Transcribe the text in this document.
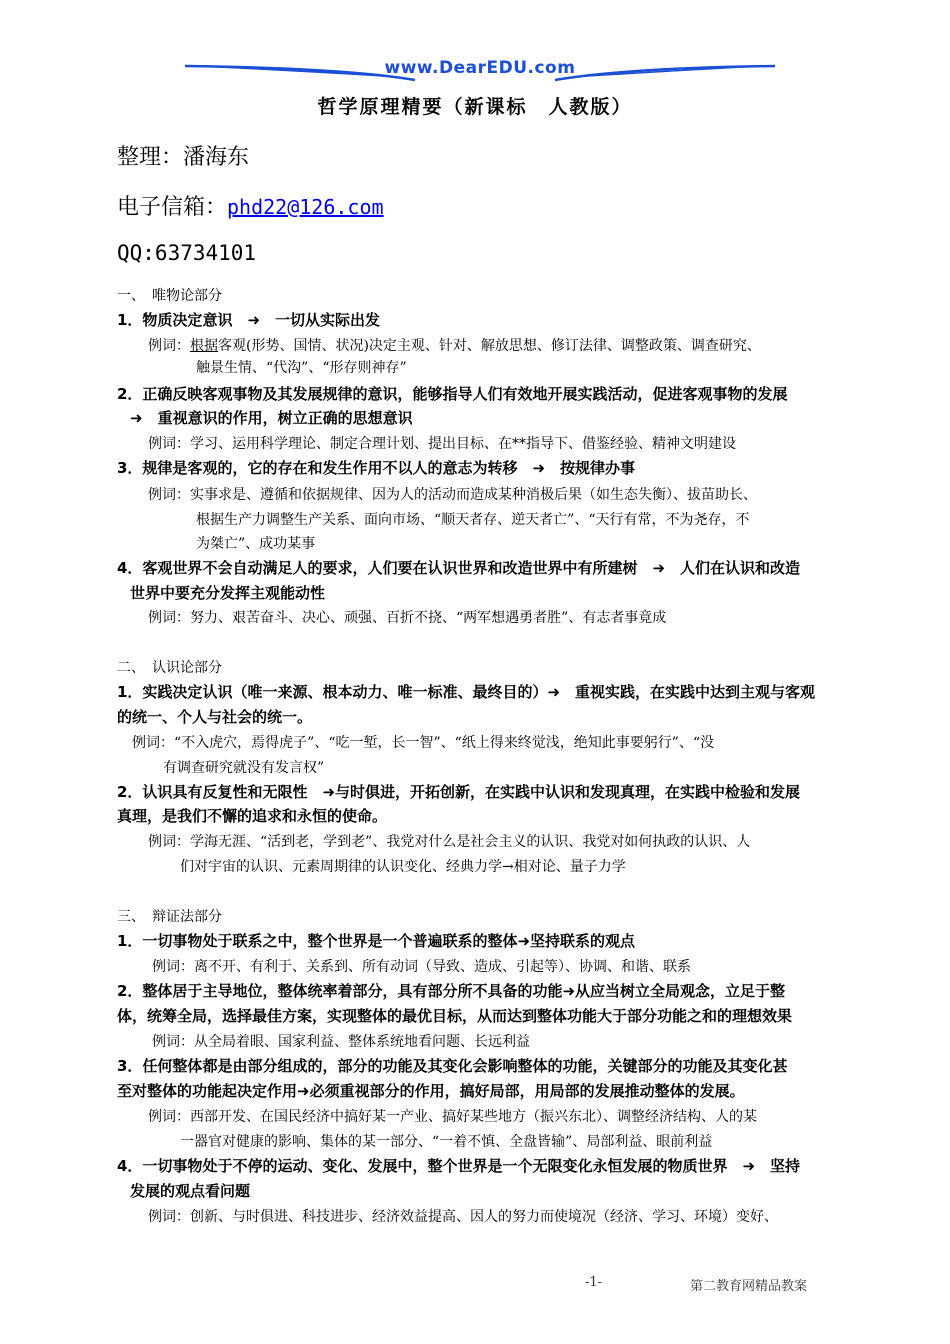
www.DearEDU.com
哲学原理精要（新课标　人教版）
整理：潘海东
电子信箱：phd22@126.com
QQ:63734101
一、　唯物论部分
1．物质决定意识　➜　一切从实际出发
例词：根据客观(形势、国情、状况)决定主观、针对、解放思想、修订法律、调整政策、调查研究、
触景生情、“代沟”、“形存则神存”
2．正确反映客观事物及其发展规律的意识，能够指导人们有效地开展实践活动，促进客观事物的发展
➜　重视意识的作用，树立正确的思想意识
例词：学习、运用科学理论、制定合理计划、提出目标、在**指导下、借鉴经验、精神文明建设
3．规律是客观的，它的存在和发生作用不以人的意志为转移　➜　按规律办事
例词：实事求是、遵循和依据规律、因为人的活动而造成某种消极后果（如生态失衡）、拔苗助长、
根据生产力调整生产关系、面向市场、“顺天者存、逆天者亡”、“天行有常，不为尧存，不
为桀亡”、成功某事
4．客观世界不会自动满足人的要求，人们要在认识世界和改造世界中有所建树　➜　人们在认识和改造
世界中要充分发挥主观能动性
例词：努力、艰苦奋斗、决心、顽强、百折不挠、“两军想遇勇者胜”、有志者事竟成
二、　认识论部分
1．实践决定认识（唯一来源、根本动力、唯一标准、最终目的）➜　重视实践，在实践中达到主观与客观
的统一、个人与社会的统一。
例词：“不入虎穴，焉得虎子”、“吃一堑，长一智”、“纸上得来终觉浅，绝知此事要躬行”、“没
有调查研究就没有发言权”
2．认识具有反复性和无限性　➜与时俱进，开拓创新，在实践中认识和发现真理，在实践中检验和发展
真理，是我们不懈的追求和永恒的使命。
例词：学海无涯、“活到老，学到老”、我党对什么是社会主义的认识、我党对如何执政的认识、人
们对宇宙的认识、元素周期律的认识变化、经典力学→相对论、量子力学
三、　辩证法部分
1．一切事物处于联系之中，整个世界是一个普遍联系的整体➜坚持联系的观点
例词：离不开、有利于、关系到、所有动词（导致、造成、引起等）、协调、和谐、联系
2．整体居于主导地位，整体统率着部分，具有部分所不具备的功能➜从应当树立全局观念，立足于整
体，统筹全局，选择最佳方案，实现整体的最优目标，从而达到整体功能大于部分功能之和的理想效果
例词：从全局着眼、国家利益、整体系统地看问题、长远利益
3．任何整体都是由部分组成的，部分的功能及其变化会影响整体的功能，关键部分的功能及其变化甚
至对整体的功能起决定作用➜必须重视部分的作用，搞好局部，用局部的发展推动整体的发展。
例词：西部开发、在国民经济中搞好某一产业、搞好某些地方（振兴东北）、调整经济结构、人的某
一器官对健康的影响、集体的某一部分、“一着不慎、全盘皆输”、局部利益、眼前利益
4．一切事物处于不停的运动、变化、发展中，整个世界是一个无限变化永恒发展的物质世界　➜　坚持
发展的观点看问题
例词：创新、与时俱进、科技进步、经济效益提高、因人的努力而使境况（经济、学习、环境）变好、
-1-	第二教育网精品教案
